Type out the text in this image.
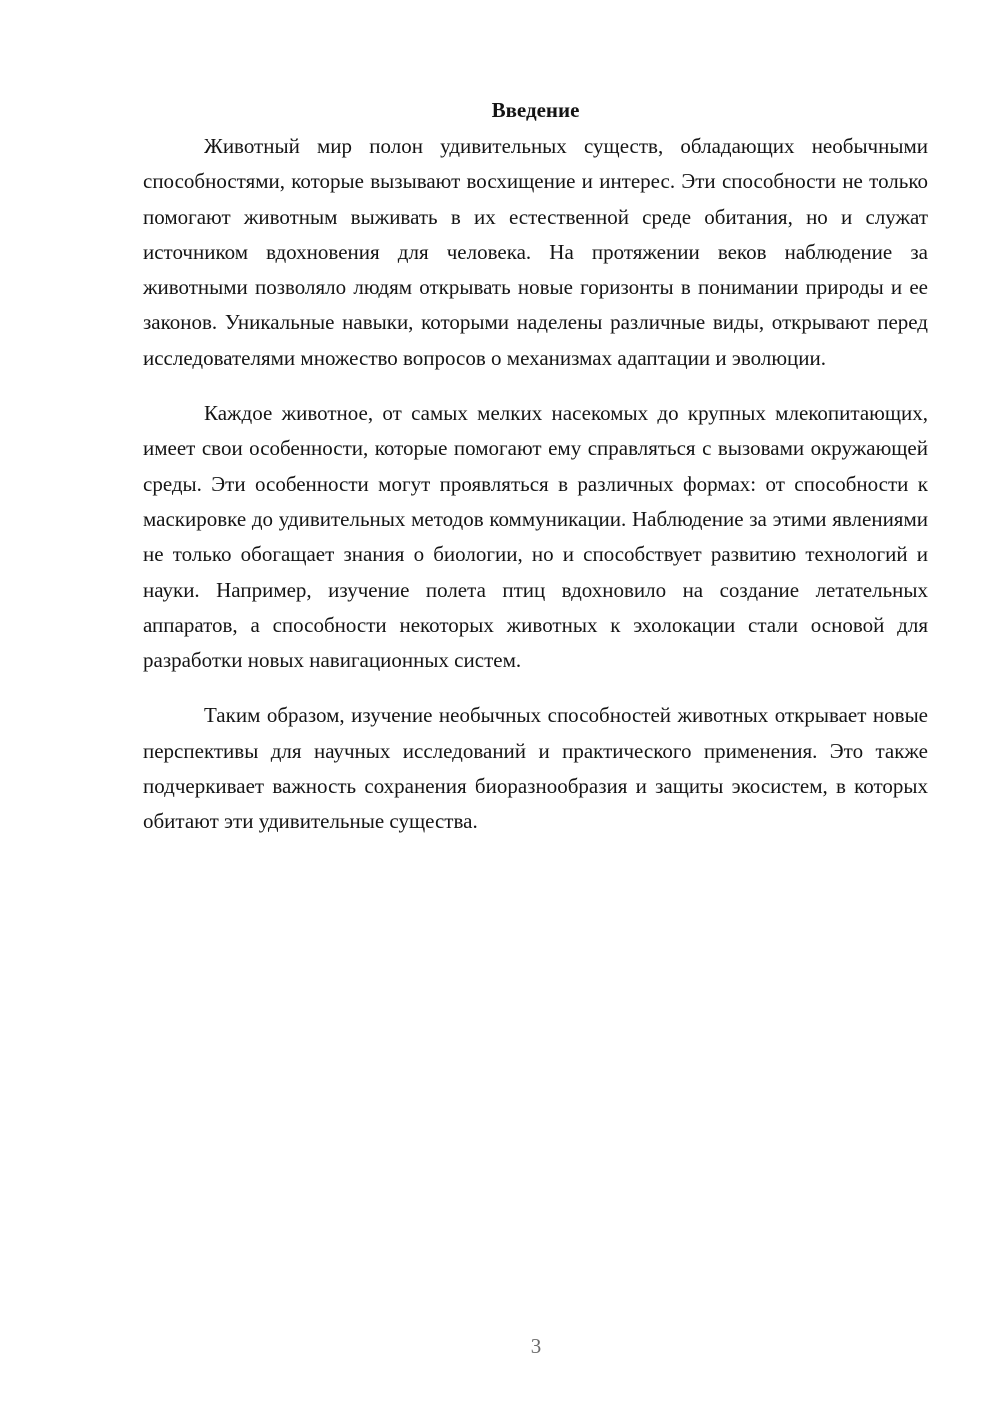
Введение

Животный мир полон удивительных существ, обладающих необычными способностями, которые вызывают восхищение и интерес. Эти способности не только помогают животным выживать в их естественной среде обитания, но и служат источником вдохновения для человека. На протяжении веков наблюдение за животными позволяло людям открывать новые горизонты в понимании природы и ее законов. Уникальные навыки, которыми наделены различные виды, открывают перед исследователями множество вопросов о механизмах адаптации и эволюции.

Каждое животное, от самых мелких насекомых до крупных млекопитающих, имеет свои особенности, которые помогают ему справляться с вызовами окружающей среды. Эти особенности могут проявляться в различных формах: от способности к маскировке до удивительных методов коммуникации. Наблюдение за этими явлениями не только обогащает знания о биологии, но и способствует развитию технологий и науки. Например, изучение полета птиц вдохновило на создание летательных аппаратов, а способности некоторых животных к эхолокации стали основой для разработки новых навигационных систем.

Таким образом, изучение необычных способностей животных открывает новые перспективы для научных исследований и практического применения. Это также подчеркивает важность сохранения биоразнообразия и защиты экосистем, в которых обитают эти удивительные существа.

3
